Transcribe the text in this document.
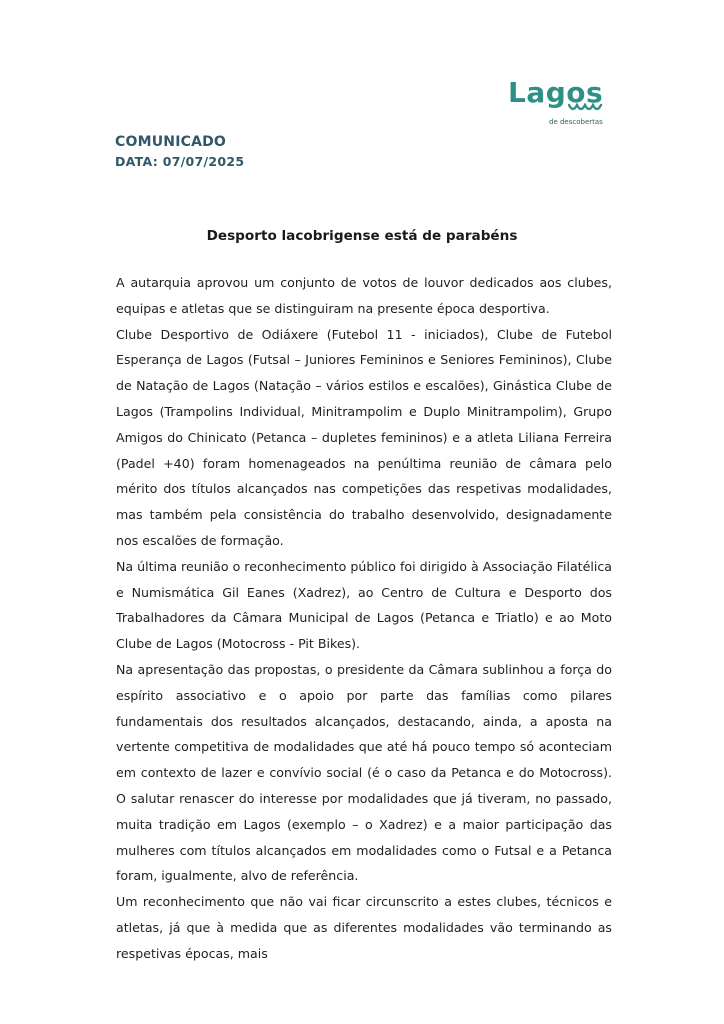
Lagos
de descobertas
COMUNICADO
DATA: 07/07/2025
Desporto lacobrigense está de parabéns

A autarquia aprovou um conjunto de votos de louvor dedicados aos clubes, equipas e atletas que se distinguiram na presente época desportiva.

Clube Desportivo de Odiáxere (Futebol 11 - iniciados), Clube de Futebol Esperança de Lagos (Futsal – Juniores Femininos e Seniores Femininos), Clube de Natação de Lagos (Natação – vários estilos e escalões), Ginástica Clube de Lagos (Trampolins Individual, Minitrampolim e Duplo Minitrampolim), Grupo Amigos do Chinicato (Petanca – dupletes femininos) e a atleta Liliana Ferreira (Padel +40) foram homenageados na penúltima reunião de câmara pelo mérito dos títulos alcançados nas competições das respetivas modalidades, mas também pela consistência do trabalho desenvolvido, designadamente nos escalões de formação.

Na última reunião o reconhecimento público foi dirigido à Associação Filatélica e Numismática Gil Eanes (Xadrez), ao Centro de Cultura e Desporto dos Trabalhadores da Câmara Municipal de Lagos (Petanca e Triatlo) e ao Moto Clube de Lagos (Motocross - Pit Bikes).

Na apresentação das propostas, o presidente da Câmara sublinhou a força do espírito associativo e o apoio por parte das famílias como pilares fundamentais dos resultados alcançados, destacando, ainda, a aposta na vertente competitiva de modalidades que até há pouco tempo só aconteciam em contexto de lazer e convívio social (é o caso da Petanca e do Motocross). O salutar renascer do interesse por modalidades que já tiveram, no passado, muita tradição em Lagos (exemplo – o Xadrez) e a maior participação das mulheres com títulos alcançados em modalidades como o Futsal e a Petanca foram, igualmente, alvo de referência.

Um reconhecimento que não vai ficar circunscrito a estes clubes, técnicos e atletas, já que à medida que as diferentes modalidades vão terminando as respetivas épocas, mais
